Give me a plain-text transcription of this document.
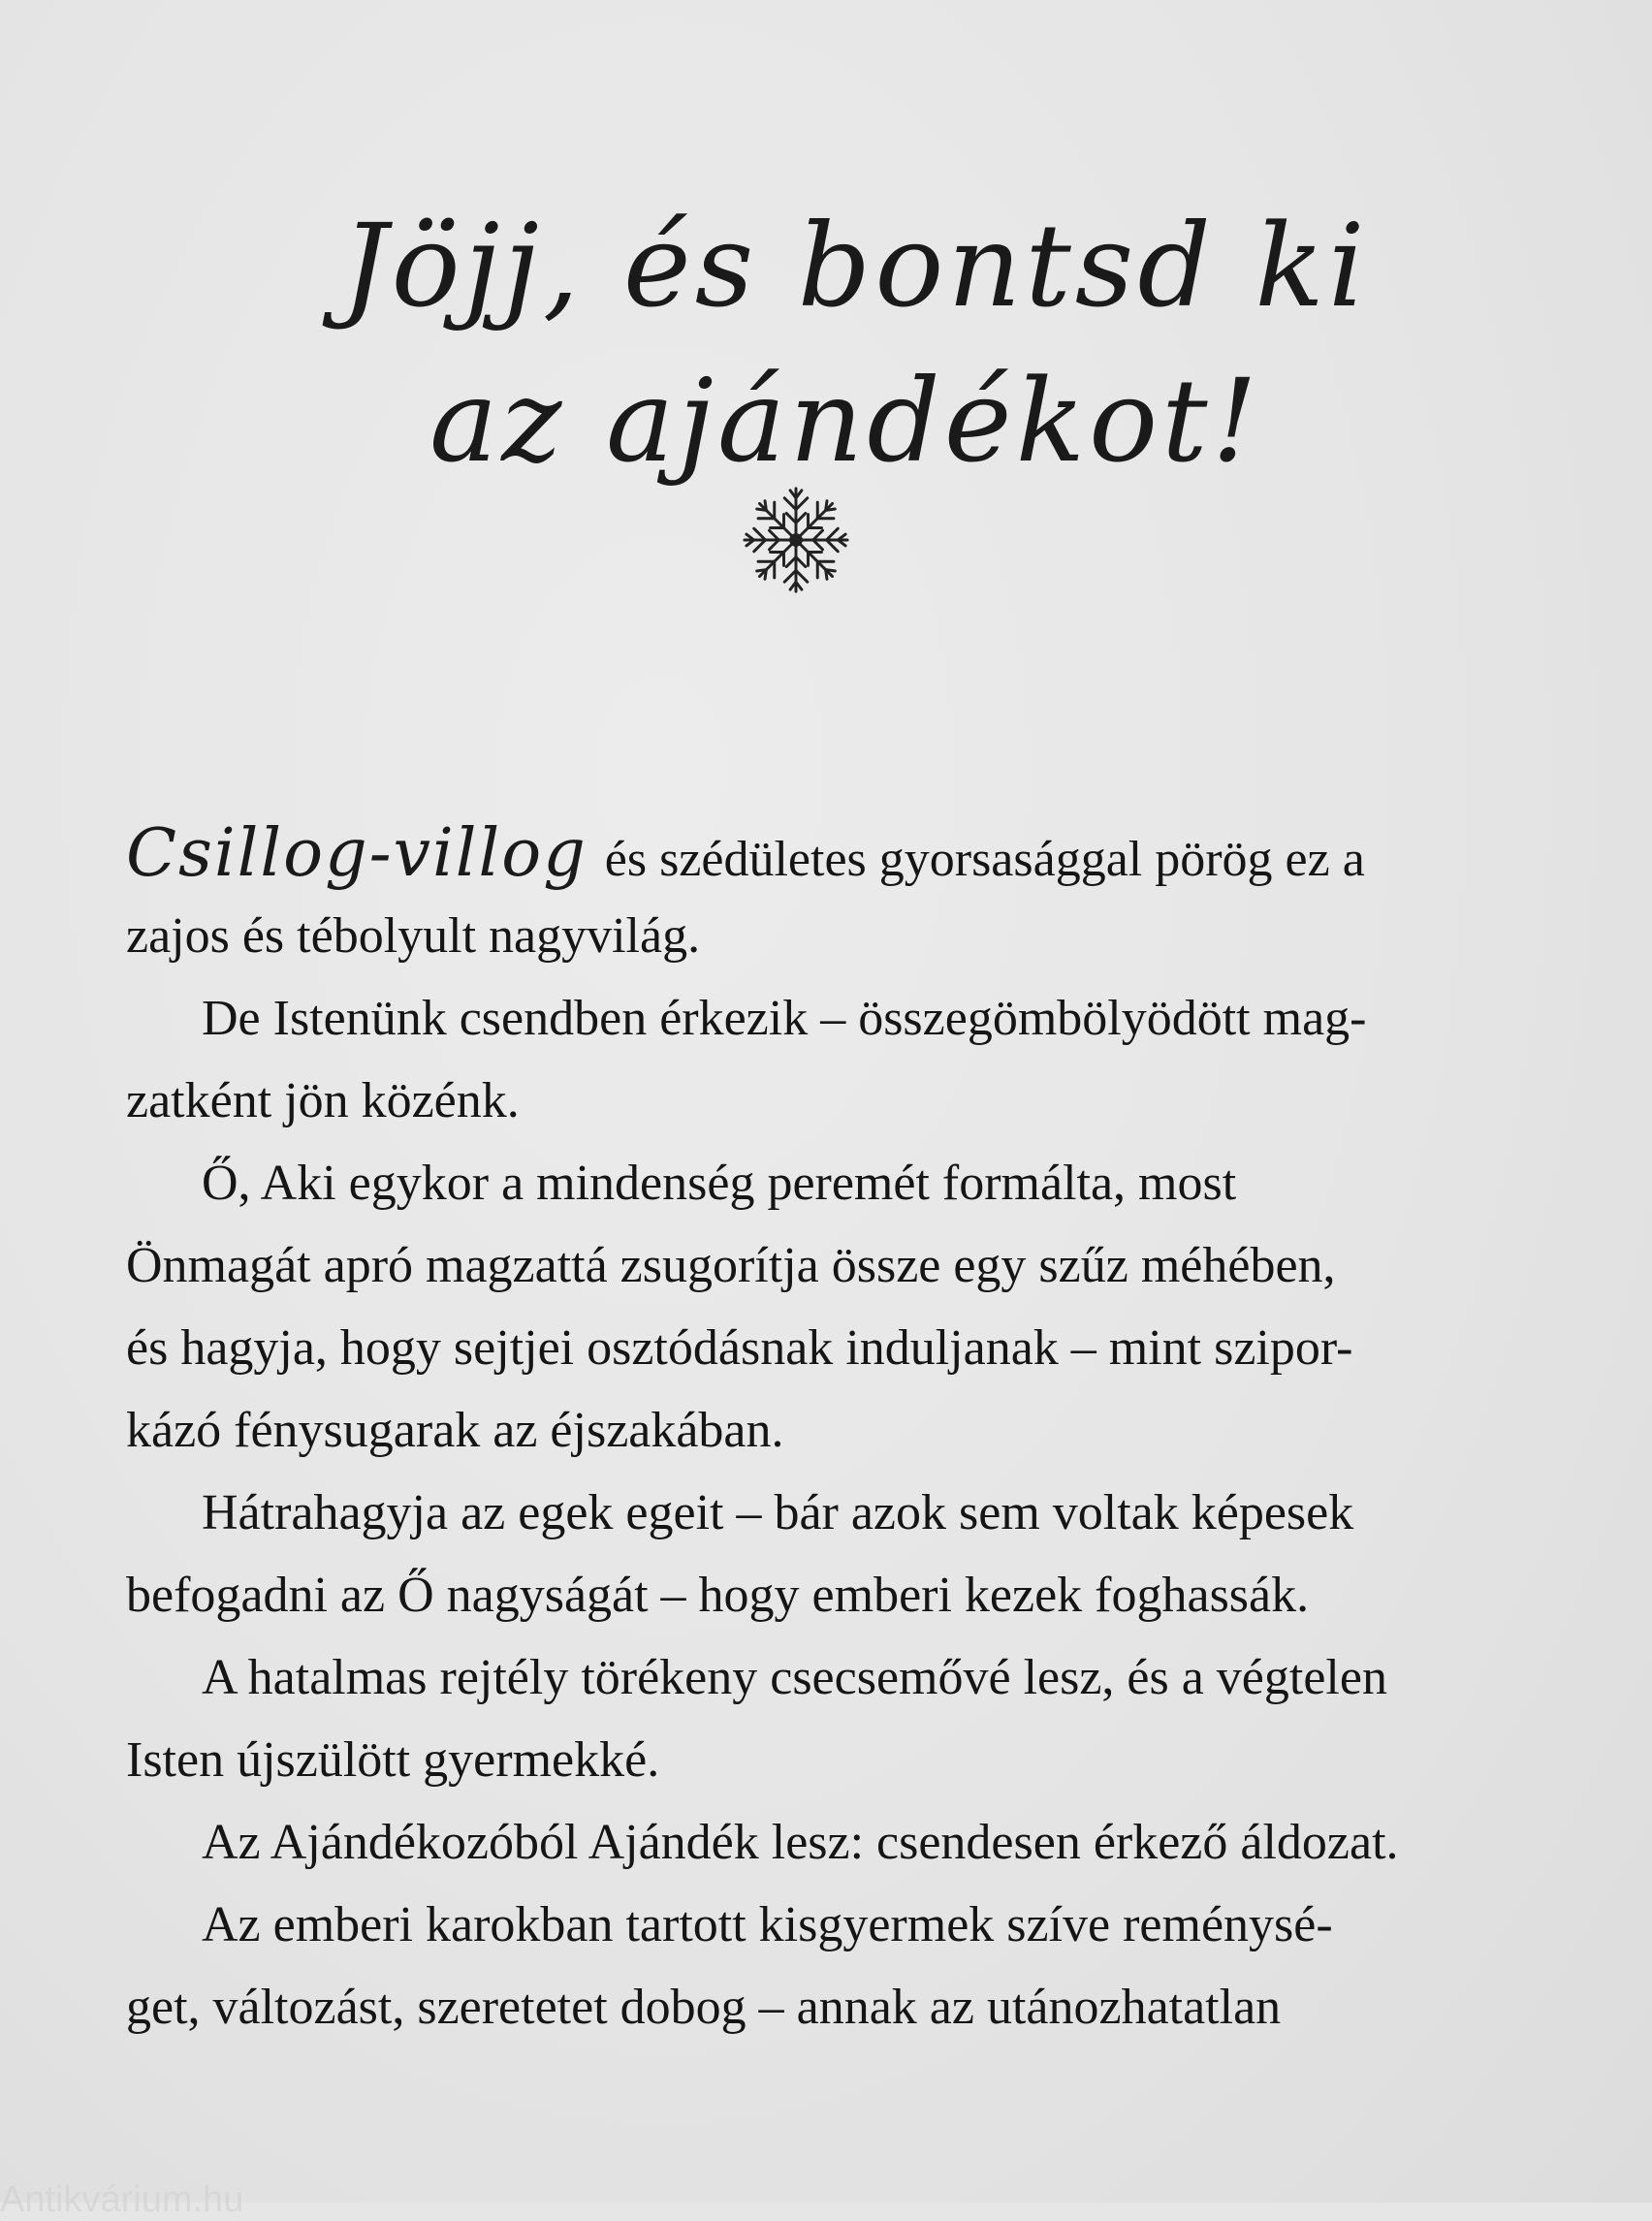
Jöjj, és bontsd ki
az ajándékot!
Csillog-villog és szédületes gyorsasággal pörög ez a
zajos és tébolyult nagyvilág.
De Istenünk csendben érkezik – összegömbölyödött mag-
zatként jön közénk.
Ő, Aki egykor a mindenség peremét formálta, most
Önmagát apró magzattá zsugorítja össze egy szűz méhében,
és hagyja, hogy sejtjei osztódásnak induljanak – mint szipor-
kázó fénysugarak az éjszakában.
Hátrahagyja az egek egeit – bár azok sem voltak képesek
befogadni az Ő nagyságát – hogy emberi kezek foghassák.
A hatalmas rejtély törékeny csecsemővé lesz, és a végtelen
Isten újszülött gyermekké.
Az Ajándékozóból Ajándék lesz: csendesen érkező áldozat.
Az emberi karokban tartott kisgyermek szíve reménysé-
get, változást, szeretetet dobog – annak az utánozhatatlan
Antikvárium.hu
